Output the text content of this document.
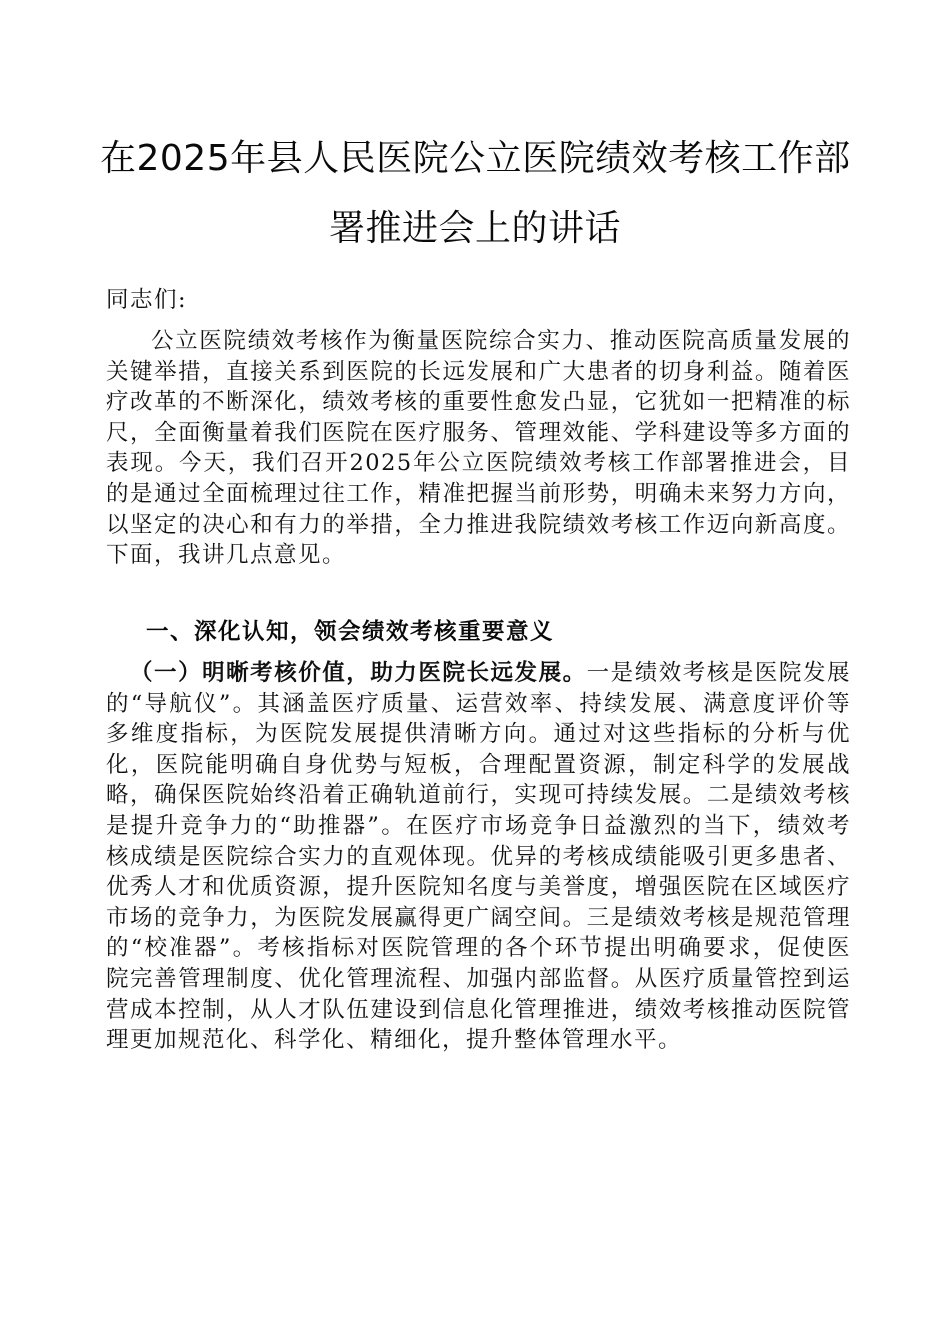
在2025年县人民医院公立医院绩效考核工作部
署推进会上的讲话
同志们:
公立医院绩效考核作为衡量医院综合实力、推动医院高质量发展的关键举措，直接关系到医院的长远发展和广大患者的切身利益。随着医疗改革的不断深化，绩效考核的重要性愈发凸显，它犹如一把精准的标尺，全面衡量着我们医院在医疗服务、管理效能、学科建设等多方面的表现。今天，我们召开2025年公立医院绩效考核工作部署推进会，目的是通过全面梳理过往工作，精准把握当前形势，明确未来努力方向，以坚定的决心和有力的举措，全力推进我院绩效考核工作迈向新高度。下面，我讲几点意见。
一、深化认知，领会绩效考核重要意义
（一）明晰考核价值，助力医院长远发展。一是绩效考核是医院发展的“导航仪”。其涵盖医疗质量、运营效率、持续发展、满意度评价等多维度指标，为医院发展提供清晰方向。通过对这些指标的分析与优化，医院能明确自身优势与短板，合理配置资源，制定科学的发展战略，确保医院始终沿着正确轨道前行，实现可持续发展。二是绩效考核是提升竞争力的“助推器”。在医疗市场竞争日益激烈的当下，绩效考核成绩是医院综合实力的直观体现。优异的考核成绩能吸引更多患者、优秀人才和优质资源，提升医院知名度与美誉度，增强医院在区域医疗市场的竞争力，为医院发展赢得更广阔空间。三是绩效考核是规范管理的“校准器”。考核指标对医院管理的各个环节提出明确要求，促使医院完善管理制度、优化管理流程、加强内部监督。从医疗质量管控到运营成本控制，从人才队伍建设到信息化管理推进，绩效考核推动医院管理更加规范化、科学化、精细化，提升整体管理水平。
